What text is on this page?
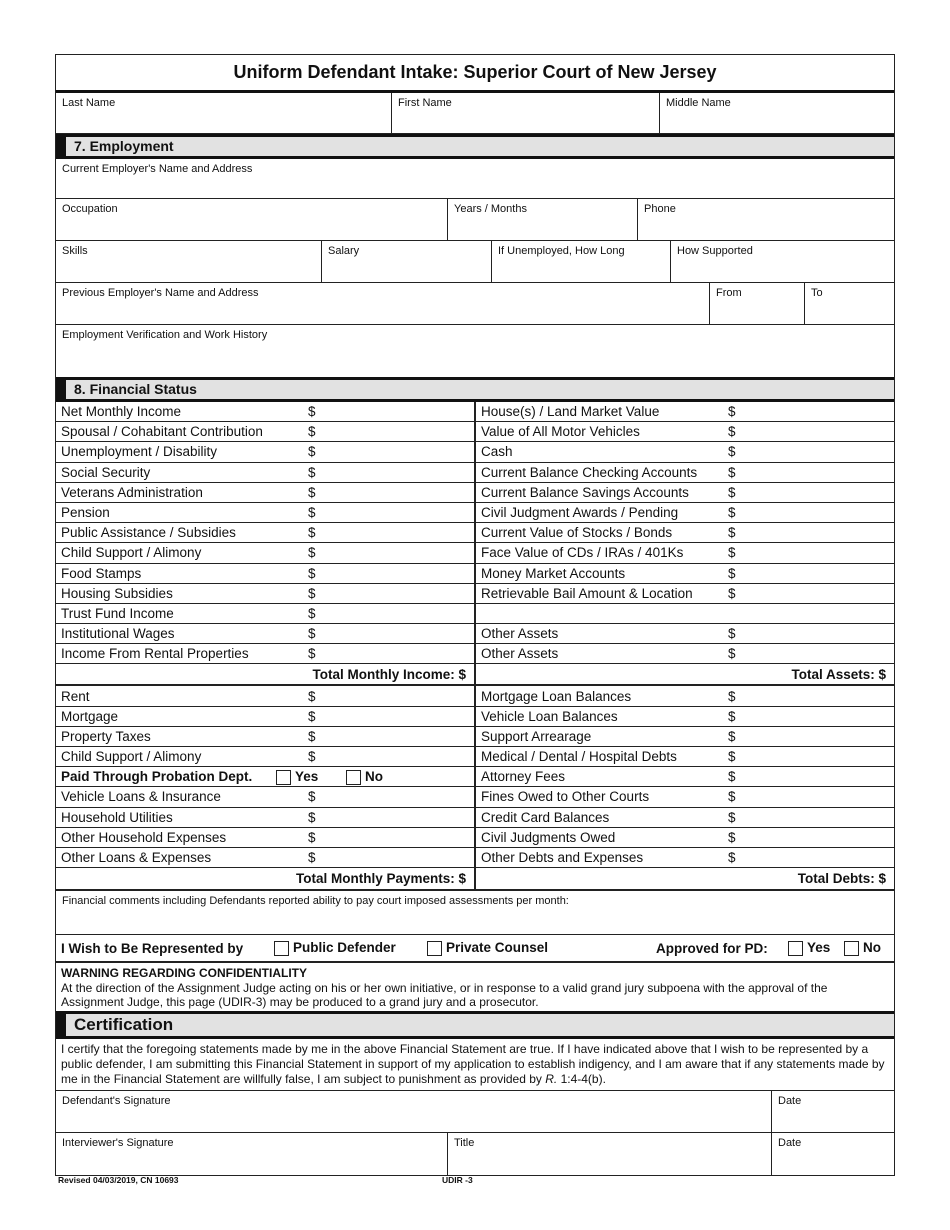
Uniform Defendant Intake: Superior Court of New Jersey
Last Name	First Name	Middle Name
7. Employment
Current Employer's Name and Address
Occupation	Years / Months	Phone
Skills	Salary	If Unemployed, How Long	How Supported
Previous Employer's Name and Address	From	To
Employment Verification and Work History
8. Financial Status
Net Monthly Income	$
Spousal / Cohabitant Contribution	$
Unemployment / Disability	$
Social Security	$
Veterans Administration	$
Pension	$
Public Assistance / Subsidies	$
Child Support / Alimony	$
Food Stamps	$
Housing Subsidies	$
Trust Fund Income	$
Institutional Wages	$
Income From Rental Properties	$
Total Monthly Income: $
Rent	$
Mortgage	$
Property Taxes	$
Child Support / Alimony	$
Paid Through Probation Dept.	Yes	No
Vehicle Loans & Insurance	$
Household Utilities	$
Other Household Expenses	$
Other Loans & Expenses	$
Total Monthly Payments: $
House(s) / Land Market Value	$
Value of All Motor Vehicles	$
Cash	$
Current Balance Checking Accounts $
Current Balance Savings Accounts	$
Civil Judgment Awards / Pending	$
Current Value of Stocks / Bonds	$
Face Value of CDs / IRAs / 401Ks	$
Money Market Accounts	$
Retrievable Bail Amount & Location	$
Other Assets	$
Other Assets	$
Total Assets: $
Mortgage Loan Balances	$
Vehicle Loan Balances	$
Support Arrearage	$
Medical / Dental / Hospital Debts	$
Attorney Fees	$
Fines Owed to Other Courts	$
Credit Card Balances	$
Civil Judgments Owed	$
Other Debts and Expenses	$
Total Debts: $
Financial comments including Defendants reported ability to pay court imposed assessments per month:
I Wish to Be Represented by	Public Defender	Private Counsel	Approved for PD:	Yes	No
WARNING REGARDING CONFIDENTIALITY
At the direction of the Assignment Judge acting on his or her own initiative, or in response to a valid grand jury subpoena with the approval of the Assignment Judge, this page (UDIR-3) may be produced to a grand jury and a prosecutor.
Certification
I certify that the foregoing statements made by me in the above Financial Statement are true. If I have indicated above that I wish to be represented by a public defender, I am submitting this Financial Statement in support of my application to establish indigency, and I am aware that if any statements made by me in the Financial Statement are willfully false, I am subject to punishment as provided by R. 1:4-4(b).
Defendant's Signature	Date
Interviewer's Signature	Title	Date
Revised 04/03/2019, CN 10693	UDIR -3
